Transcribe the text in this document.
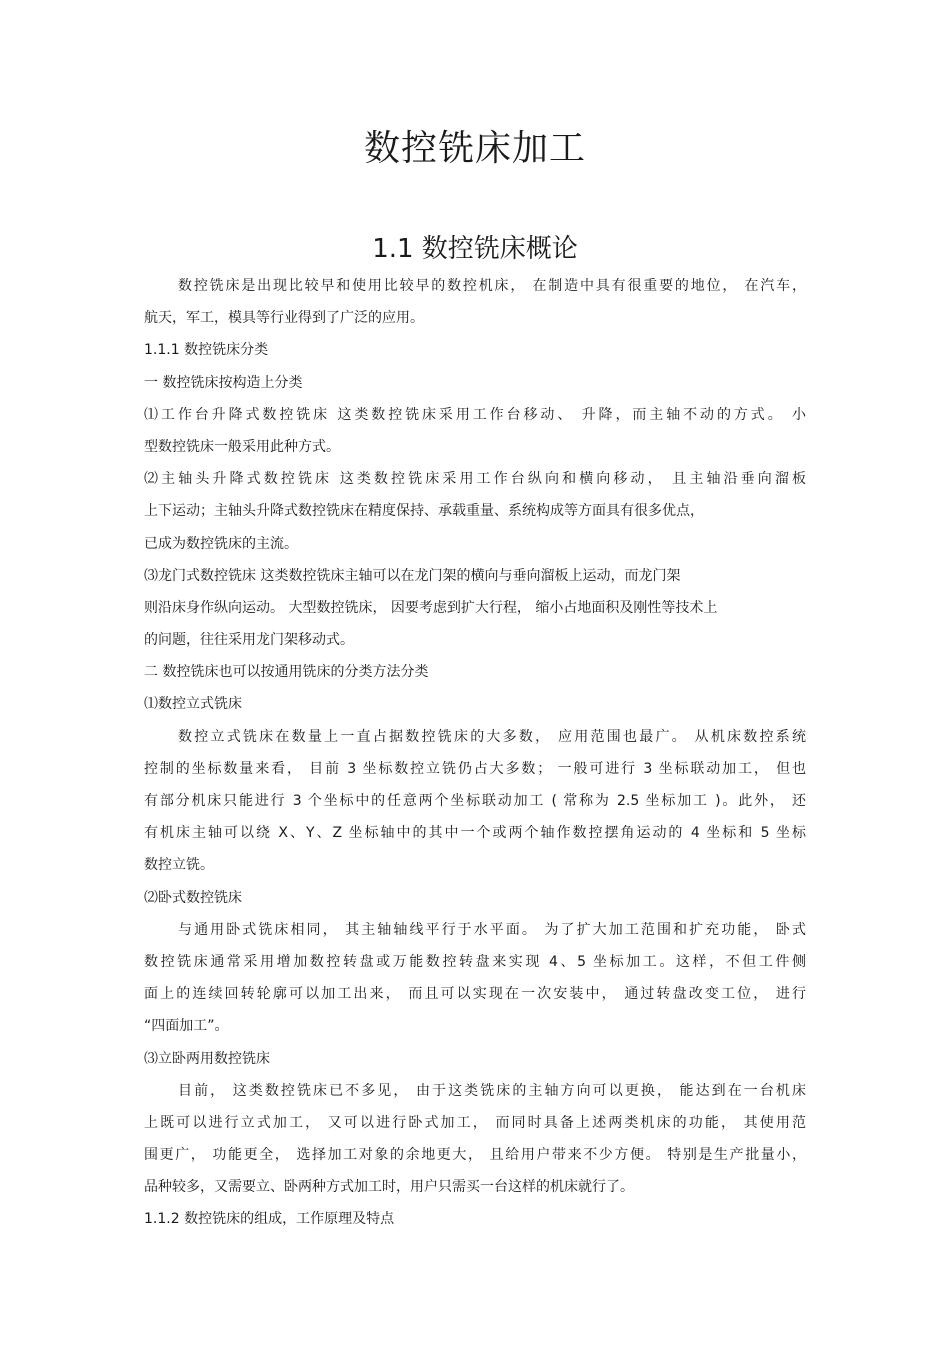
数控铣床加工
1.1 数控铣床概论
数控铣床是出现比较早和使用比较早的数控机床， 在制造中具有很重要的地位， 在汽车，
航天，军工，模具等行业得到了广泛的应用。
1.1.1 数控铣床分类
一 数控铣床按构造上分类
⑴工作台升降式数控铣床 这类数控铣床采用工作台移动、 升降，而主轴不动的方式。 小
型数控铣床一般采用此种方式。
⑵主轴头升降式数控铣床 这类数控铣床采用工作台纵向和横向移动， 且主轴沿垂向溜板
上下运动；主轴头升降式数控铣床在精度保持、承载重量、系统构成等方面具有很多优点，
已成为数控铣床的主流。
⑶龙门式数控铣床 这类数控铣床主轴可以在龙门架的横向与垂向溜板上运动，而龙门架
则沿床身作纵向运动。 大型数控铣床， 因要考虑到扩大行程， 缩小占地面积及刚性等技术上
的问题，往往采用龙门架移动式。
二 数控铣床也可以按通用铣床的分类方法分类
⑴数控立式铣床
数控立式铣床在数量上一直占据数控铣床的大多数， 应用范围也最广。 从机床数控系统
控制的坐标数量来看， 目前 3 坐标数控立铣仍占大多数； 一般可进行 3 坐标联动加工， 但也
有部分机床只能进行 3 个坐标中的任意两个坐标联动加工 ( 常称为 2.5 坐标加工 )。此外， 还
有机床主轴可以绕 X、Y、Z 坐标轴中的其中一个或两个轴作数控摆角运动的 4 坐标和 5 坐标
数控立铣。
⑵卧式数控铣床
与通用卧式铣床相同， 其主轴轴线平行于水平面。 为了扩大加工范围和扩充功能， 卧式
数控铣床通常采用增加数控转盘或万能数控转盘来实现 4、5 坐标加工。这样，不但工件侧
面上的连续回转轮廓可以加工出来， 而且可以实现在一次安装中， 通过转盘改变工位， 进行
“四面加工”。
⑶立卧两用数控铣床
目前， 这类数控铣床已不多见， 由于这类铣床的主轴方向可以更换， 能达到在一台机床
上既可以进行立式加工， 又可以进行卧式加工， 而同时具备上述两类机床的功能， 其使用范
围更广， 功能更全， 选择加工对象的余地更大， 且给用户带来不少方便。 特别是生产批量小，
品种较多，又需要立、卧两种方式加工时，用户只需买一台这样的机床就行了。
1.1.2 数控铣床的组成，工作原理及特点
